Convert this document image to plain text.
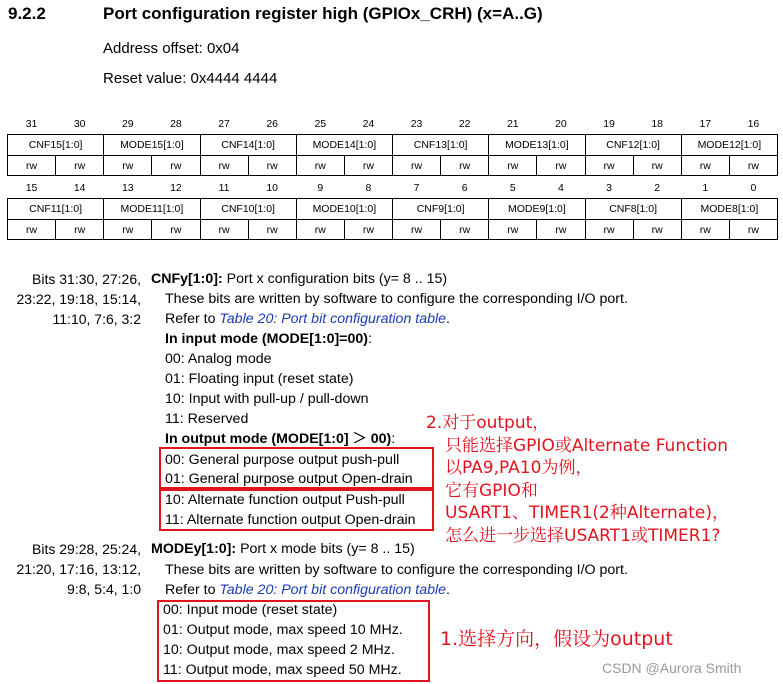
9.2.2	Port configuration register high (GPIOx_CRH) (x=A..G)
Address offset: 0x04
Reset value: 0x4444 4444
31	30	29	28	27	26	25	24	23	22	21	20	19	18	17	16
CNF15[1:0]		MODE15[1:0]		CNF14[1:0]		MODE14[1:0]		CNF13[1:0]		MODE13[1:0]		CNF12[1:0]		MODE12[1:0]	
rw	rw	rw	rw	rw	rw	rw	rw	rw	rw	rw	rw	rw	rw	rw	rw
15	14	13	12	11	10	9	8	7	6	5	4	3	2	1	0
CNF11[1:0]		MODE11[1:0]		CNF10[1:0]		MODE10[1:0]		CNF9[1:0]		MODE9[1:0]		CNF8[1:0]		MODE8[1:0]	
rw	rw	rw	rw	rw	rw	rw	rw	rw	rw	rw	rw	rw	rw	rw	rw
Bits 31:30, 27:26,
23:22, 19:18, 15:14,
11:10, 7:6, 3:2
CNFy[1:0]: Port x configuration bits (y= 8 .. 15)
These bits are written by software to configure the corresponding I/O port.
Refer to Table 20: Port bit configuration table.
In input mode (MODE[1:0]=00):
00: Analog mode
01: Floating input (reset state)
10: Input with pull-up / pull-down
11: Reserved
In output mode (MODE[1:0] ＞ 00):
00: General purpose output push-pull
01: General purpose output Open-drain
10: Alternate function output Push-pull
11: Alternate function output Open-drain
Bits 29:28, 25:24,
21:20, 17:16, 13:12,
9:8, 5:4, 1:0
MODEy[1:0]: Port x mode bits (y= 8 .. 15)
These bits are written by software to configure the corresponding I/O port.
Refer to Table 20: Port bit configuration table.
00: Input mode (reset state)
01: Output mode, max speed 10 MHz.
10: Output mode, max speed 2 MHz.
11: Output mode, max speed 50 MHz.
2.对于output，
只能选择GPIO或Alternate Function
以PA9,PA10为例，
它有GPIO和
USART1、TIMER1(2种Alternate)，
怎么进一步选择USART1或TIMER1?
1.选择方向，假设为output
CSDN @Aurora Smith
